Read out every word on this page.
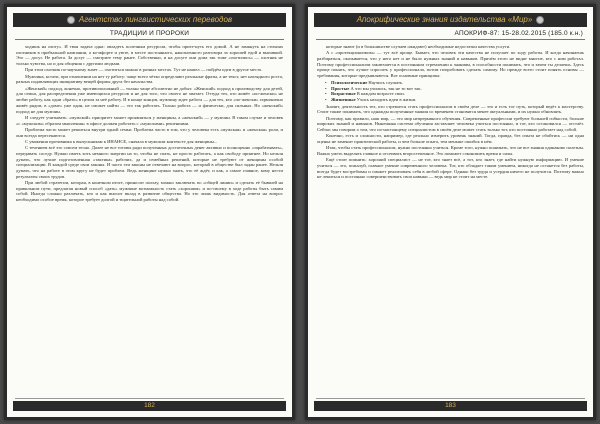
Агентство лингвистических переводов
ТРАДИЦИИ И ПРОРОКИ

ходишь на охоту». И твоя задача одна: овладеть полезным ресурсом, чтобы прите-нуть его домой. А не замкнуть на стихиях охотников в прибыльной кампании, а ко-мфорте и уюте, в месте постоянного, накопленного разговора за хорошей едой и выпивкой. Это — досуг. Не работа. За досуг — смотрите тему ранее. Собственно, и на досуге они дома так тоже «охотились» — охотник не только чувства, но и для общения с другими людьми.

При этом охотник по-научному знает — охотиться можно в разных местах. Тут не нашел — пойдём идти в другое место.

Мужчина, кстати, при отношении на нет ту работу: чаще всего чётко определяют реальные фразы, а не текст, нет наглядного роста, разных подавляющих инициативу вещей формы друга без начальства.

«Женский» подход, конечно, противоположный — только чаще абсолютно не добыт. «Женский» подход к производству для детей, для семьи, для распределения уже имеющихся ресурсов и не для того, что своего не хватает. Оттуда тех, кто живёт «по-женски» не любят работу, как одни «брать» в целом за неё работу. И в конце концов, мужчину ждет работа — для тех, кто «по-женски» гармонично живёт рядом, в «доме» уже один, не сможет найти — это так работать. Только работа — и физически, для сильных. Но «женский» подход не для мужчин.

И следует учитывать: «мужской» приоритет может проявляться у женщины, а «женский» — у мужчин. В таком случае и человек «с «мужским» образом мышления» в офисе должен работать с «мужскими» решениями.

Проблема часто может решиться внутри одной семьи. Проблема часто в том, что у человека есть «мужская» и «женская» роли, и они всегда пересекаются.

С уважения противника к выпускникам к ИНАНСЕ, сначала в мужском контексте для женщины...

С течением всё это совсем тесно. Далее не все готовы ради полученных достаточных денег активно и полноценно «зарабатывать», передавать соседу. Нужно иметь хоть немного энергии на то, чтобы не спать, не просто работать, а как свободу приятнее. Но нельзя думать, что лучше подготовленная «тактика» рабочих, да и семейных решений, которые не требуют от женщины особой специализации. В каждой среде свои законы. И часто эти законы не отвечают на вопрос, который в обществе был задан ранее. Нельзя думать, что на работе в этом кругу не будет проблем. Ведь женщине нужно знать, что её ждёт, и как, а самое главное, кому нести результаты своих трудов.

При любой стратегии, которая, в конечном итоге, приносит пользу, можно заключать по «общей линии» и сделать её бывшей на правильном пути, предлагая новый способ «дать» мужчине возможность стать «хорошим» и по-своему в ходе работы быть самим собой. Иногда сложно различать, кто и как вносит вклад в развитие общества. Но это лишь видимость. Для ответа на вопрос необходимо особое время, которое требует долгой и тщательной работы над собой.

182
Апокрифические знания издательства «Мир»
АПОКРИФ-87: 15-28.02.2015 (185.0 к.н.)

которые знают (и в большинстве случаев ожидают) необходимые недостатки качества услуги.

А с «протекционизмом» — тут всё проще. Бывает, что человек эти качества не получает по ходу работы. И когда начинаешь разбираться, оказывается, что у него нет и не было нужных знаний и навыков. Причём этого не видят многие, кто с ним работал. Поэтому профессионализм заключается в постоянном стремлении к знаниям, в способности понимать, что и зачем ты делаешь. Здесь проще понять, что лучше спросить у профессионала, потом попробовать сделать самому. Но прежде всего стоит понять основы — требования, которые предъявляются. Вот основные принципы:

• Психологические Научись слушать.
• Простые А что мы учились, так не то вот так.
• Возрастные В каждом возрасте свои.
• Жизненные Учись находить идеи в жизни.

Значит, деятельность тех, кто стремится стать профессионалом в своём деле — это и есть тот путь, который ведёт к мастерству. Стоит также понимать, что однажды полученные знания со временем становятся менее актуальными, и их нужно обновлять.

Поэтому, как правило, наш мир, — это мир непрерывного обучения. Современные профессии требуют большей гибкости, больше широких знаний и навыков. Нынешняя система обучения заставляет человека учиться постоянно, и тот, кто остановился — отстаёт. Сейчас мы говорим о том, что по-настоящему специалистом в своём деле может стать только тот, кто постоянно работает над собой.

Конечно, есть и сложности, например, где реально измерить уровень знаний. Тогда, правда, без опыта не обойтись — ни одна оценка не заменит практической работы, и чем больше опыта, тем меньше ошибок в нём.

Итак, чтобы стать профессионалом, нужно постоянно учиться. Кроме того, нужно понимать, что не все знания одинаково полезны. Важно уметь выделять главное и отсеивать второстепенное. Это поможет сэкономить время и силы.

Ещё стоит помнить: хороший специалист — не тот, кто знает всё, а тот, кто знает, где найти нужную информацию. И умение учиться — это, пожалуй, главное умение современного человека. Тот, кто обладает таким умением, никогда не останется без работы, всегда будет востребован и сможет реализовать себя в любой сфере. Однако без труда и усердия ничего не получится. Поэтому важно не лениться и постоянно совершенствовать свои навыки — ведь мир не стоит на месте.

183
